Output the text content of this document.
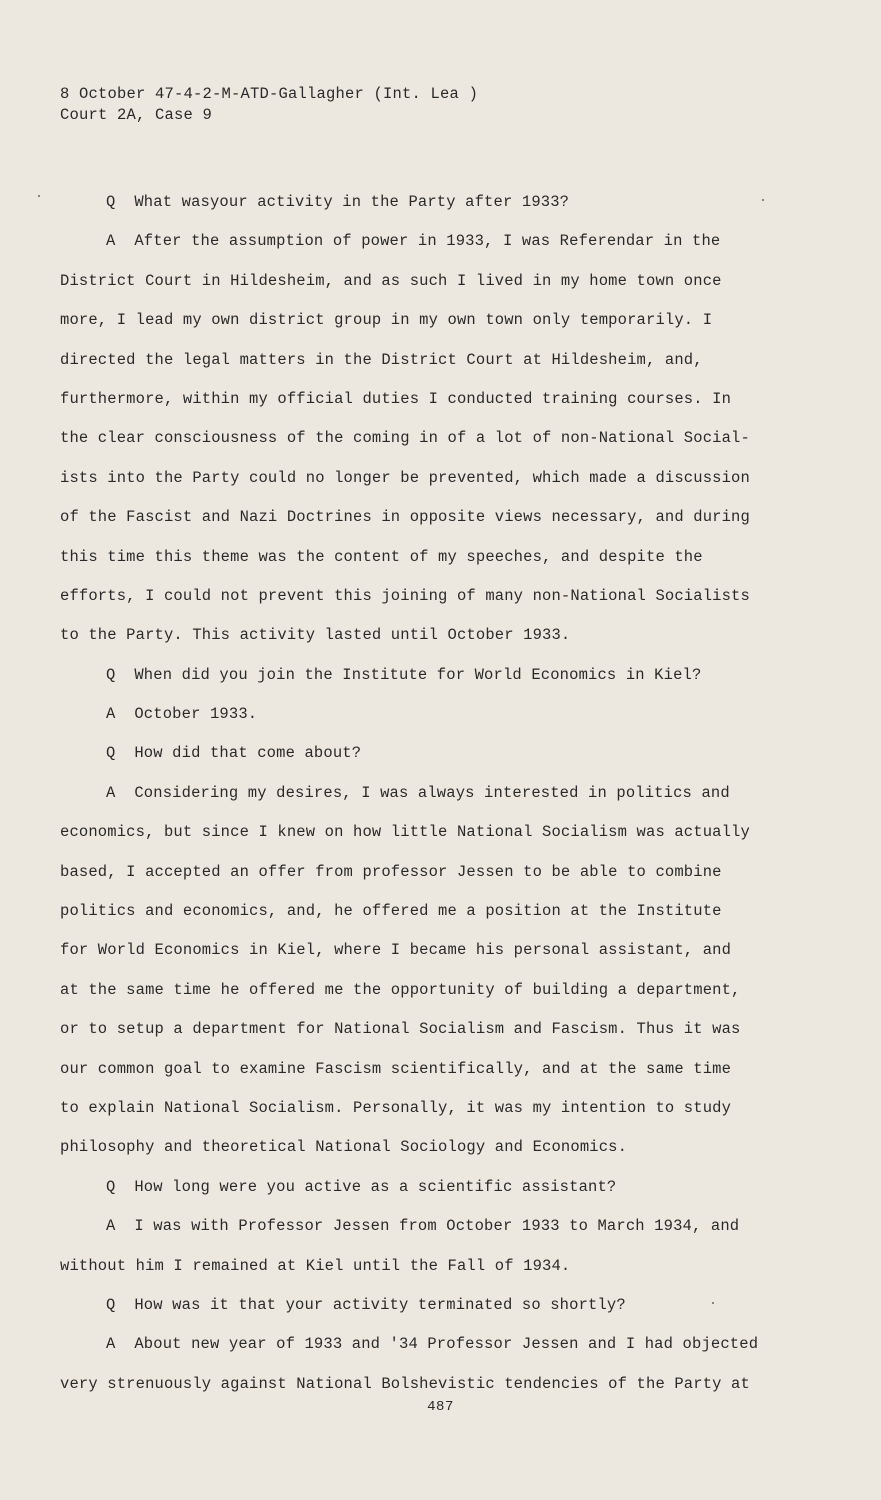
8 October 47-4-2-M-ATD-Gallagher (Int. Lea )
Court 2A, Case 9
Q  What wasyour activity in the Party after 1933?
A  After the assumption of power in 1933, I was Referendar in the
District Court in Hildesheim, and as such I lived in my home town once
more, I lead my own district group in my own town only temporarily. I
directed the legal matters in the District Court at Hildesheim, and,
furthermore, within my official duties I conducted training courses. In
the clear consciousness of the coming in of a lot of non-National Social-
ists into the Party could no longer be prevented, which made a discussion
of the Fascist and Nazi Doctrines in opposite views necessary, and during
this time this theme was the content of my speeches, and despite the
efforts, I could not prevent this joining of many non-National Socialists
to the Party. This activity lasted until October 1933.
Q  When did you join the Institute for World Economics in Kiel?
A  October 1933.
Q  How did that come about?
A  Considering my desires, I was always interested in politics and
economics, but since I knew on how little National Socialism was actually
based, I accepted an offer from professor Jessen to be able to combine
politics and economics, and, he offered me a position at the Institute
for World Economics in Kiel, where I became his personal assistant, and
at the same time he offered me the opportunity of building a department,
or to setup a department for National Socialism and Fascism. Thus it was
our common goal to examine Fascism scientifically, and at the same time
to explain National Socialism. Personally, it was my intention to study
philosophy and theoretical National Sociology and Economics.
Q  How long were you active as a scientific assistant?
A  I was with Professor Jessen from October 1933 to March 1934, and
without him I remained at Kiel until the Fall of 1934.
Q  How was it that your activity terminated so shortly?
A  About new year of 1933 and '34 Professor Jessen and I had objected
very strenuously against National Bolshevistic tendencies of the Party at
487
